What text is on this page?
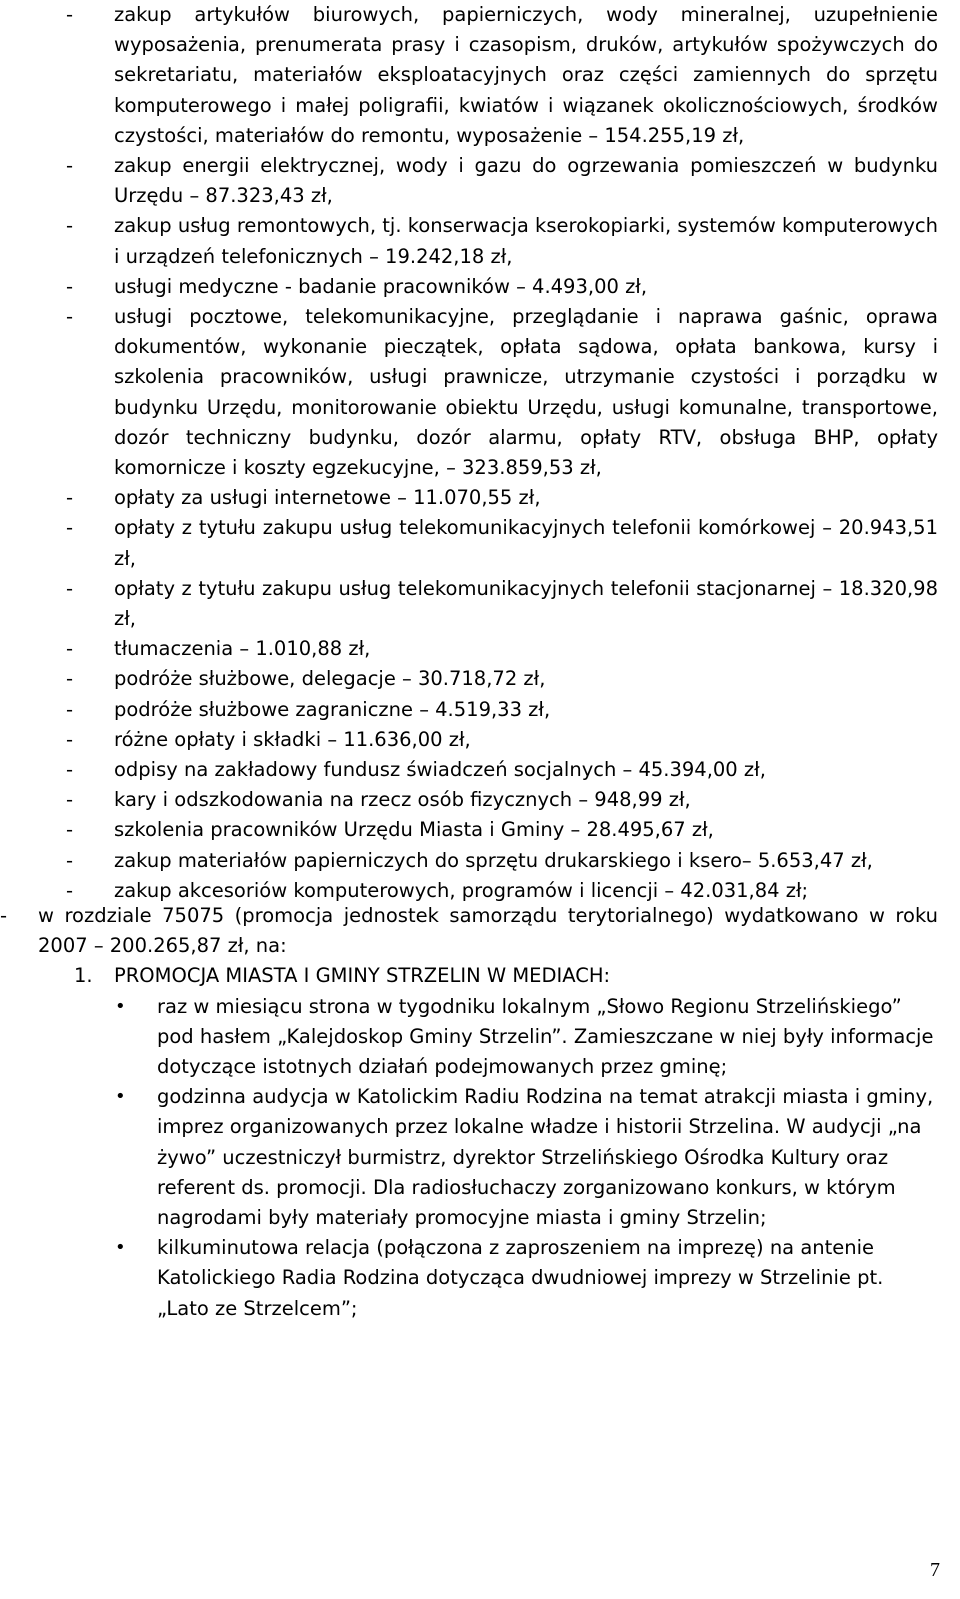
- zakup artykułów biurowych, papierniczych, wody mineralnej, uzupełnienie wyposażenia, prenumerata prasy i czasopism, druków, artykułów spożywczych do sekretariatu, materiałów eksploatacyjnych oraz części zamiennych do sprzętu komputerowego i małej poligrafii, kwiatów i wiązanek okolicznościowych, środków czystości, materiałów do remontu, wyposażenie – 154.255,19 zł,
- zakup energii elektrycznej, wody i gazu do ogrzewania pomieszczeń w budynku Urzędu – 87.323,43 zł,
- zakup usług remontowych, tj. konserwacja kserokopiarki, systemów komputerowych i urządzeń telefonicznych – 19.242,18 zł,
- usługi medyczne - badanie pracowników – 4.493,00 zł,
- usługi pocztowe, telekomunikacyjne, przeglądanie i naprawa gaśnic, oprawa dokumentów, wykonanie pieczątek, opłata sądowa, opłata bankowa, kursy i szkolenia pracowników, usługi prawnicze, utrzymanie czystości i porządku w budynku Urzędu, monitorowanie obiektu Urzędu, usługi komunalne, transportowe, dozór techniczny budynku, dozór alarmu, opłaty RTV, obsługa BHP, opłaty komornicze i koszty egzekucyjne, – 323.859,53 zł,
- opłaty za usługi internetowe – 11.070,55 zł,
- opłaty z tytułu zakupu usług telekomunikacyjnych telefonii komórkowej – 20.943,51 zł,
- opłaty z tytułu zakupu usług telekomunikacyjnych telefonii stacjonarnej – 18.320,98 zł,
- tłumaczenia – 1.010,88 zł,
- podróże służbowe, delegacje – 30.718,72 zł,
- podróże służbowe zagraniczne – 4.519,33 zł,
- różne opłaty i składki – 11.636,00 zł,
- odpisy na zakładowy fundusz świadczeń socjalnych – 45.394,00 zł,
- kary i odszkodowania na rzecz osób fizycznych – 948,99 zł,
- szkolenia pracowników Urzędu Miasta i Gminy – 28.495,67 zł,
- zakup materiałów papierniczych do sprzętu drukarskiego i ksero– 5.653,47 zł,
- zakup akcesoriów komputerowych, programów i licencji – 42.031,84 zł;
- w rozdziale 75075 (promocja jednostek samorządu terytorialnego) wydatkowano w roku 2007 – 200.265,87 zł, na:
1. PROMOCJA MIASTA I GMINY STRZELIN W MEDIACH:
• raz w miesiącu strona w tygodniku lokalnym „Słowo Regionu Strzelińskiego” pod hasłem „Kalejdoskop Gminy Strzelin”. Zamieszczane w niej były informacje dotyczące istotnych działań podejmowanych przez gminę;
• godzinna audycja w Katolickim Radiu Rodzina na temat atrakcji miasta i gminy, imprez organizowanych przez lokalne władze i historii Strzelina. W audycji „na żywo” uczestniczył burmistrz, dyrektor Strzelińskiego Ośrodka Kultury oraz referent ds. promocji. Dla radiosłuchaczy zorganizowano konkurs, w którym nagrodami były materiały promocyjne miasta i gminy Strzelin;
• kilkuminutowa relacja (połączona z zaproszeniem na imprezę) na antenie Katolickiego Radia Rodzina dotycząca dwudniowej imprezy w Strzelinie pt. „Lato ze Strzelcem”;
7
